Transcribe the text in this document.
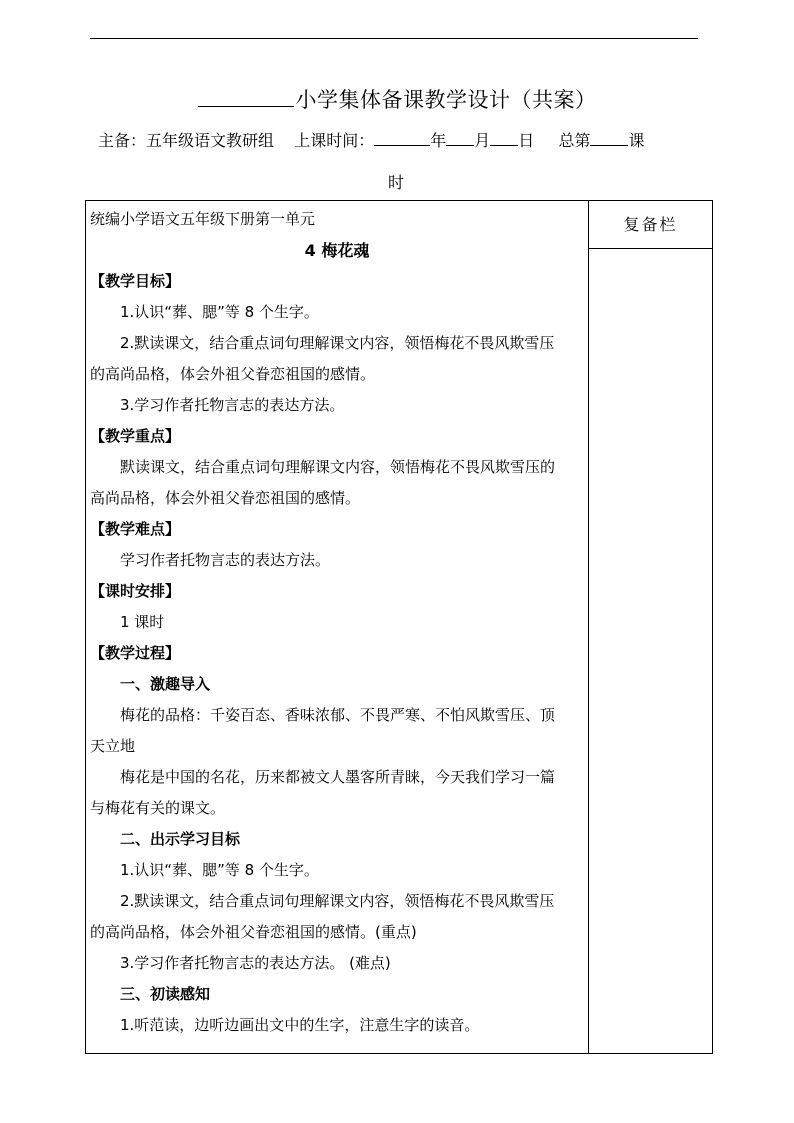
小学集体备课教学设计（共案）
主备：五年级语文教研组 上课时间：	年 月 日 总第 课
时
复备栏
统编小学语文五年级下册第一单元
4 梅花魂
【教学目标】
1.认识“葬、腮”等 8 个生字。
2.默读课文，结合重点词句理解课文内容，领悟梅花不畏风欺雪压
的高尚品格，体会外祖父眷恋祖国的感情。
3.学习作者托物言志的表达方法。
【教学重点】
默读课文，结合重点词句理解课文内容，领悟梅花不畏风欺雪压的
高尚品格，体会外祖父眷恋祖国的感情。
【教学难点】
学习作者托物言志的表达方法。
【课时安排】
1 课时
【教学过程】
一、激趣导入
梅花的品格：千姿百态、香味浓郁、不畏严寒、不怕风欺雪压、顶
天立地
梅花是中国的名花，历来都被文人墨客所青睐，今天我们学习一篇
与梅花有关的课文。
二、出示学习目标
1.认识“葬、腮”等 8 个生字。
2.默读课文，结合重点词句理解课文内容，领悟梅花不畏风欺雪压
的高尚品格，体会外祖父眷恋祖国的感情。(重点)
3.学习作者托物言志的表达方法。 (难点)
三、初读感知
1.听范读，边听边画出文中的生字，注意生字的读音。
